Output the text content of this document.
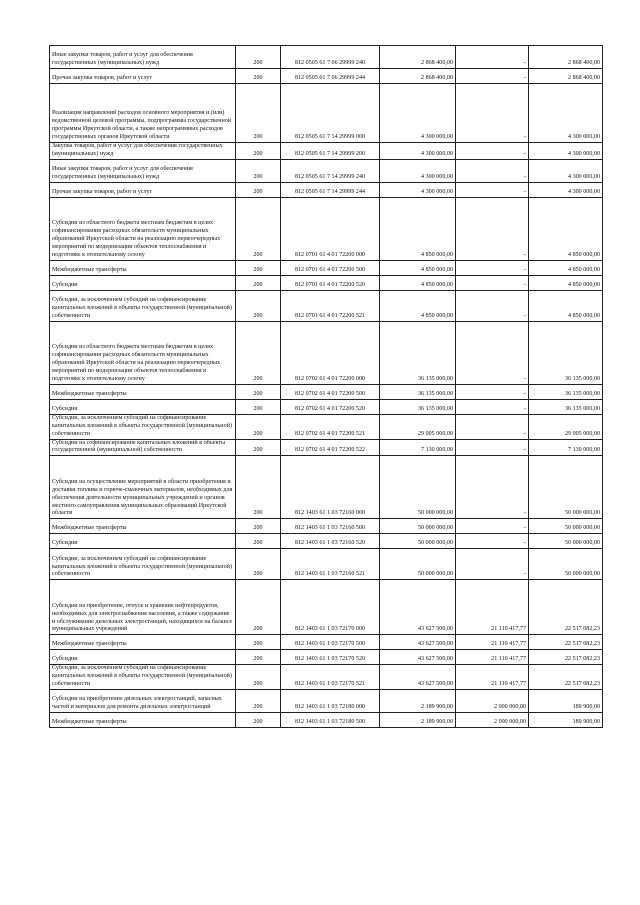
Иные закупки товаров, работ и услуг для обеспечения государственных (муниципальных) нужд	200	812 0505 61 7 06 29999 240	2 868 400,00	-	2 868 400,00
Прочая закупка товаров, работ и услуг	200	812 0505 61 7 06 29999 244	2 868 400,00	-	2 868 400,00
Реализация направлений расходов основного мероприятия и (или) ведомственной целевой программы, подпрограммы государственной программы Иркутской области, а также непрограммных расходов государственных органов Иркутской области	200	812 0505 61 7 14 29999 000	4 300 000,00	-	4 300 000,00
Закупка товаров, работ и услуг для обеспечения государственных (муниципальных) нужд	200	812 0505 61 7 14 29999 200	4 300 000,00	-	4 300 000,00
Иные закупки товаров, работ и услуг для обеспечения государственных (муниципальных) нужд	200	812 0505 61 7 14 29999 240	4 300 000,00	-	4 300 000,00
Прочая закупка товаров, работ и услуг	200	812 0505 61 7 14 29999 244	4 300 000,00	-	4 300 000,00
Субсидии из областного бюджета местным бюджетам в целях софинансирования расходных обязательств муниципальных образований Иркутской области на реализацию первоочередных мероприятий по модернизации объектов теплоснабжения и подготовке к отопительному сезону	200	812 0701 61 4 01 72200 000	4 850 000,00	-	4 850 000,00
Межбюджетные трансферты	200	812 0701 61 4 01 72200 500	4 850 000,00	-	4 850 000,00
Субсидии	200	812 0701 61 4 01 72200 520	4 850 000,00	-	4 850 000,00
Субсидии, за исключением субсидий на софинансирование капитальных вложений в объекты государственной (муниципальной) собственности	200	812 0701 61 4 01 72200 521	4 850 000,00	-	4 850 000,00
Субсидии из областного бюджета местным бюджетам в целях софинансирования расходных обязательств муниципальных образований Иркутской области на реализацию первоочередных мероприятий по модернизации объектов теплоснабжения и подготовке к отопительному сезону	200	812 0702 61 4 01 72200 000	36 135 000,00	-	36 135 000,00
Межбюджетные трансферты	200	812 0702 61 4 01 72200 500	36 135 000,00	-	36 135 000,00
Субсидии	200	812 0702 61 4 01 72200 520	36 135 000,00	-	36 135 000,00
Субсидии, за исключением субсидий на софинансирование капитальных вложений в объекты государственной (муниципальной) собственности	200	812 0702 61 4 01 72200 521	29 005 000,00	-	29 005 000,00
Субсидии на софинансирование капитальных вложений в объекты государственной (муниципальной) собственности	200	812 0702 61 4 01 72200 522	7 130 000,00	-	7 130 000,00
Субсидии на осуществление мероприятий в области приобретения и доставки топлива и горюче-смазочных материалов, необходимых для обеспечения деятельности муниципальных учреждений и органов местного самоуправления муниципальных образований Иркутской области	200	812 1403 61 1 03 72160 000	50 000 000,00	-	50 000 000,00
Межбюджетные трансферты	200	812 1403 61 1 03 72160 500	50 000 000,00	-	50 000 000,00
Субсидии	200	812 1403 61 1 03 72160 520	50 000 000,00	-	50 000 000,00
Субсидии, за исключением субсидий на софинансирование капитальных вложений в объекты государственной (муниципальной) собственности	200	812 1403 61 1 03 72160 521	50 000 000,00	-	50 000 000,00
Субсидии на приобретение, отпуск и хранение нефтепродуктов, необходимых для электроснабжения населения, а также содержание и обслуживание дизельных электростанций, находящихся на балансе муниципальных учреждений	200	812 1403 61 1 03 72170 000	43 627 500,00	21 110 417,77	22 517 082,23
Межбюджетные трансферты	200	812 1403 61 1 03 72170 500	43 627 500,00	21 110 417,77	22 517 082,23
Субсидии	200	812 1403 61 1 03 72170 520	43 627 500,00	21 110 417,77	22 517 082,23
Субсидии, за исключением субсидий на софинансирование капитальных вложений в объекты государственной (муниципальной) собственности	200	812 1403 61 1 03 72170 521	43 627 500,00	21 110 417,77	22 517 082,23
Субсидии на приобретение дизельных электростанций, запасных частей и материалов для ремонта дизельных электростанций	200	812 1403 61 1 03 72180 000	2 189 900,00	2 000 000,00	189 900,00
Межбюджетные трансферты	200	812 1403 61 1 03 72180 500	2 189 900,00	2 000 000,00	189 900,00
